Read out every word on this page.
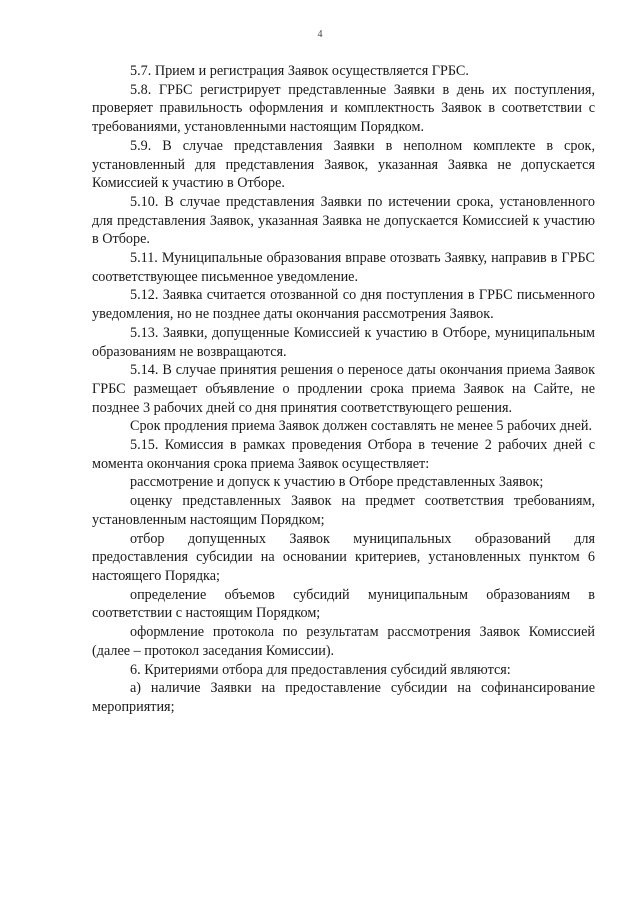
4

5.7. Прием и регистрация Заявок осуществляется ГРБС.

5.8. ГРБС регистрирует представленные Заявки в день их поступления, проверяет правильность оформления и комплектность Заявок в соответствии с требованиями, установленными настоящим Порядком.

5.9. В случае представления Заявки в неполном комплекте в срок, установленный для представления Заявок, указанная Заявка не допускается Комиссией к участию в Отборе.

5.10. В случае представления Заявки по истечении срока, установленного для представления Заявок, указанная Заявка не допускается Комиссией к участию в Отборе.

5.11. Муниципальные образования вправе отозвать Заявку, направив в ГРБС соответствующее письменное уведомление.

5.12. Заявка считается отозванной со дня поступления в ГРБС письменного уведомления, но не позднее даты окончания рассмотрения Заявок.

5.13. Заявки, допущенные Комиссией к участию в Отборе, муниципальным образованиям не возвращаются.

5.14. В случае принятия решения о переносе даты окончания приема Заявок ГРБС размещает объявление о продлении срока приема Заявок на Сайте, не позднее 3 рабочих дней со дня принятия соответствующего решения.

Срок продления приема Заявок должен составлять не менее 5 рабочих дней.

5.15. Комиссия в рамках проведения Отбора в течение 2 рабочих дней с момента окончания срока приема Заявок осуществляет:

рассмотрение и допуск к участию в Отборе представленных Заявок;

оценку представленных Заявок на предмет соответствия требованиям, установленным настоящим Порядком;

отбор допущенных Заявок муниципальных образований для предоставления субсидии на основании критериев, установленных пунктом 6 настоящего Порядка;

определение объемов субсидий муниципальным образованиям в соответствии с настоящим Порядком;

оформление протокола по результатам рассмотрения Заявок Комиссией (далее – протокол заседания Комиссии).

6. Критериями отбора для предоставления субсидий являются:

а) наличие Заявки на предоставление субсидии на софинансирование мероприятия;
